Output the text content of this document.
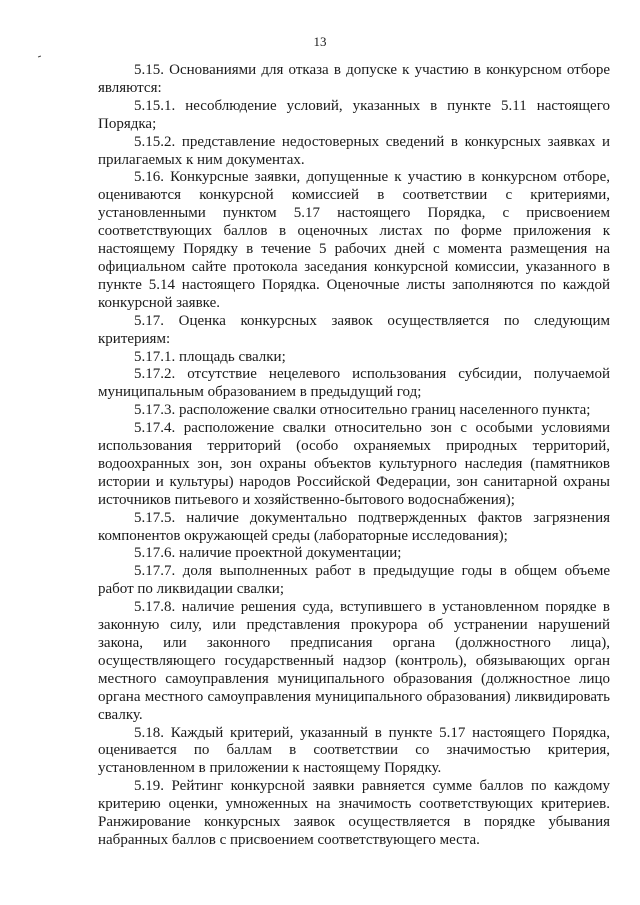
13

5.15. Основаниями для отказа в допуске к участию в конкурсном отборе являются:

5.15.1. несоблюдение условий, указанных в пункте 5.11 настоящего Порядка;

5.15.2. представление недостоверных сведений в конкурсных заявках и прилагаемых к ним документах.

5.16. Конкурсные заявки, допущенные к участию в конкурсном отборе, оцениваются конкурсной комиссией в соответствии с критериями, установленными пунктом 5.17 настоящего Порядка, с присвоением соответствующих баллов в оценочных листах по форме приложения к настоящему Порядку в течение 5 рабочих дней с момента размещения на официальном сайте протокола заседания конкурсной комиссии, указанного в пункте 5.14 настоящего Порядка. Оценочные листы заполняются по каждой конкурсной заявке.

5.17. Оценка конкурсных заявок осуществляется по следующим критериям:

5.17.1. площадь свалки;

5.17.2. отсутствие нецелевого использования субсидии, получаемой муниципальным образованием в предыдущий год;

5.17.3. расположение свалки относительно границ населенного пункта;

5.17.4. расположение свалки относительно зон с особыми условиями использования территорий (особо охраняемых природных территорий, водоохранных зон, зон охраны объектов культурного наследия (памятников истории и культуры) народов Российской Федерации, зон санитарной охраны источников питьевого и хозяйственно-бытового водоснабжения);

5.17.5. наличие документально подтвержденных фактов загрязнения компонентов окружающей среды (лабораторные исследования);

5.17.6. наличие проектной документации;

5.17.7. доля выполненных работ в предыдущие годы в общем объеме работ по ликвидации свалки;

5.17.8. наличие решения суда, вступившего в установленном порядке в законную силу, или представления прокурора об устранении нарушений закона, или законного предписания органа (должностного лица), осуществляющего государственный надзор (контроль), обязывающих орган местного самоуправления муниципального образования (должностное лицо органа местного самоуправления муниципального образования) ликвидировать свалку.

5.18. Каждый критерий, указанный в пункте 5.17 настоящего Порядка, оценивается по баллам в соответствии со значимостью критерия, установленном в приложении к настоящему Порядку.

5.19. Рейтинг конкурсной заявки равняется сумме баллов по каждому критерию оценки, умноженных на значимость соответствующих критериев. Ранжирование конкурсных заявок осуществляется в порядке убывания набранных баллов с присвоением соответствующего места.
